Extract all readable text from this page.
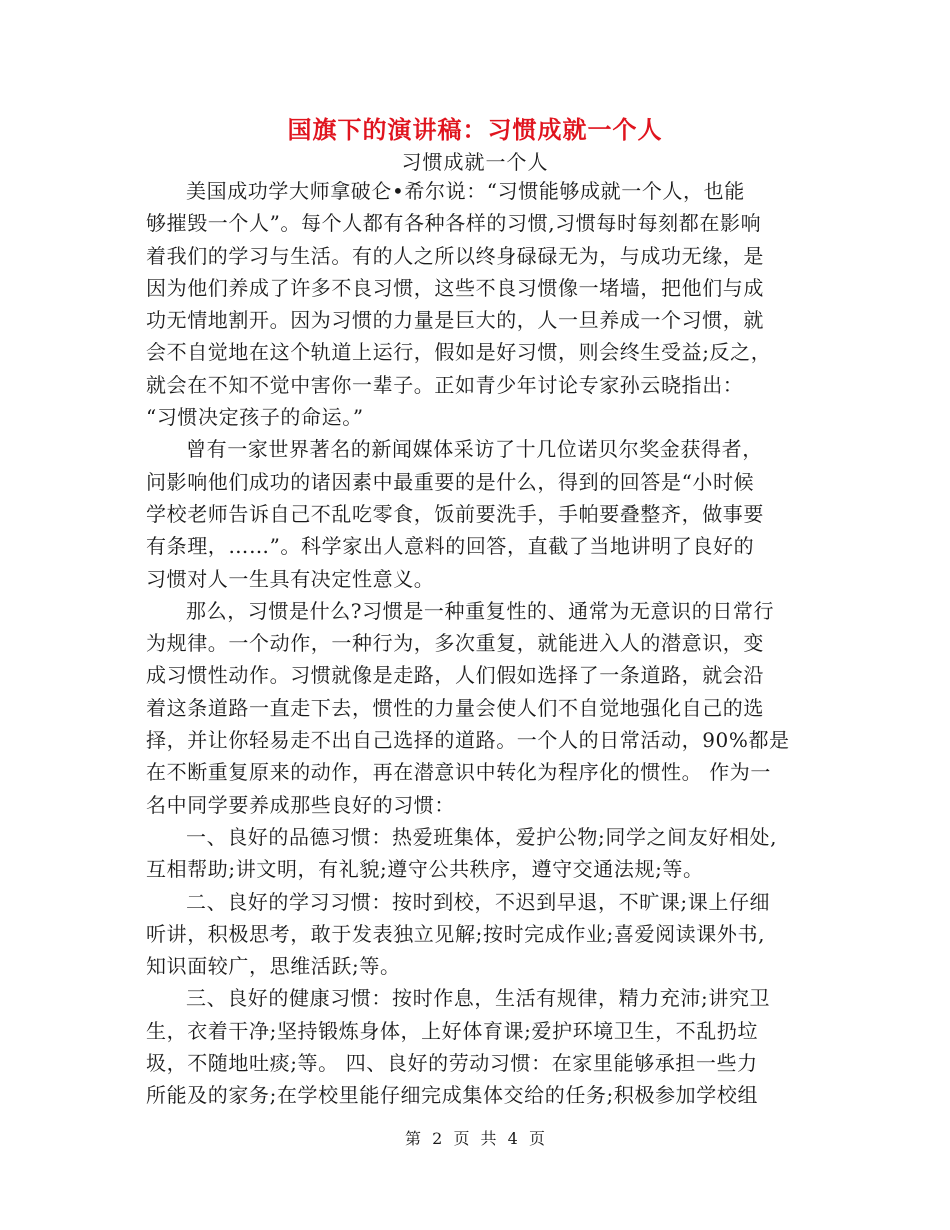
国旗下的演讲稿：习惯成就一个人
习惯成就一个人
美国成功学大师拿破仑•希尔说：“习惯能够成就一个人，也能
够摧毁一个人”。每个人都有各种各样的习惯,习惯每时每刻都在影响
着我们的学习与生活。有的人之所以终身碌碌无为，与成功无缘，是
因为他们养成了许多不良习惯，这些不良习惯像一堵墙，把他们与成
功无情地割开。因为习惯的力量是巨大的，人一旦养成一个习惯，就
会不自觉地在这个轨道上运行，假如是好习惯，则会终生受益;反之，
就会在不知不觉中害你一辈子。正如青少年讨论专家孙云晓指出：
“习惯决定孩子的命运。”
曾有一家世界著名的新闻媒体采访了十几位诺贝尔奖金获得者，
问影响他们成功的诸因素中最重要的是什么，得到的回答是“小时候
学校老师告诉自己不乱吃零食，饭前要洗手，手帕要叠整齐，做事要
有条理，……”。科学家出人意料的回答，直截了当地讲明了良好的
习惯对人一生具有决定性意义。
那么，习惯是什么?习惯是一种重复性的、通常为无意识的日常行
为规律。一个动作，一种行为，多次重复，就能进入人的潜意识，变
成习惯性动作。习惯就像是走路，人们假如选择了一条道路，就会沿
着这条道路一直走下去，惯性的力量会使人们不自觉地强化自己的选
择，并让你轻易走不出自己选择的道路。一个人的日常活动，90%都是
在不断重复原来的动作，再在潜意识中转化为程序化的惯性。 作为一
名中同学要养成那些良好的习惯：
一、良好的品德习惯：热爱班集体，爱护公物;同学之间友好相处,
互相帮助;讲文明，有礼貌;遵守公共秩序，遵守交通法规;等。
二、良好的学习习惯：按时到校，不迟到早退，不旷课;课上仔细
听讲，积极思考，敢于发表独立见解;按时完成作业;喜爱阅读课外书,
知识面较广，思维活跃;等。
三、良好的健康习惯：按时作息，生活有规律，精力充沛;讲究卫
生，衣着干净;坚持锻炼身体，上好体育课;爱护环境卫生，不乱扔垃
圾，不随地吐痰;等。 四、良好的劳动习惯：在家里能够承担一些力
所能及的家务;在学校里能仔细完成集体交给的任务;积极参加学校组
第 2 页 共 4 页
